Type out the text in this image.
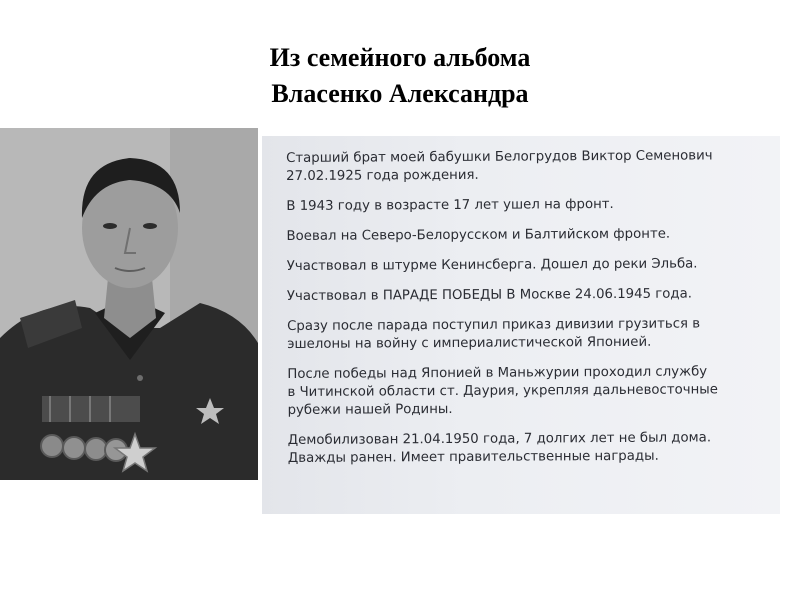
Из семейного альбома
Власенко Александра

Старший брат моей бабушки Белогрудов Виктор Семенович
27.02.1925 года рождения.

В 1943 году в возрасте 17 лет ушел на фронт.

Воевал на Северо-Белорусском и Балтийском фронте.

Участвовал в штурме Кенинсберга. Дошел до реки Эльба.

Участвовал в ПАРАДЕ ПОБЕДЫ В Москве 24.06.1945 года.

Сразу после парада поступил приказ дивизии грузиться в
эшелоны на войну с империалистической Японией.

После победы над Японией в Маньжурии проходил службу
в Читинской области ст. Даурия, укрепляя дальневосточные
рубежи нашей Родины.

Демобилизован 21.04.1950 года, 7 долгих лет не был дома.
Дважды ранен. Имеет правительственные награды.
